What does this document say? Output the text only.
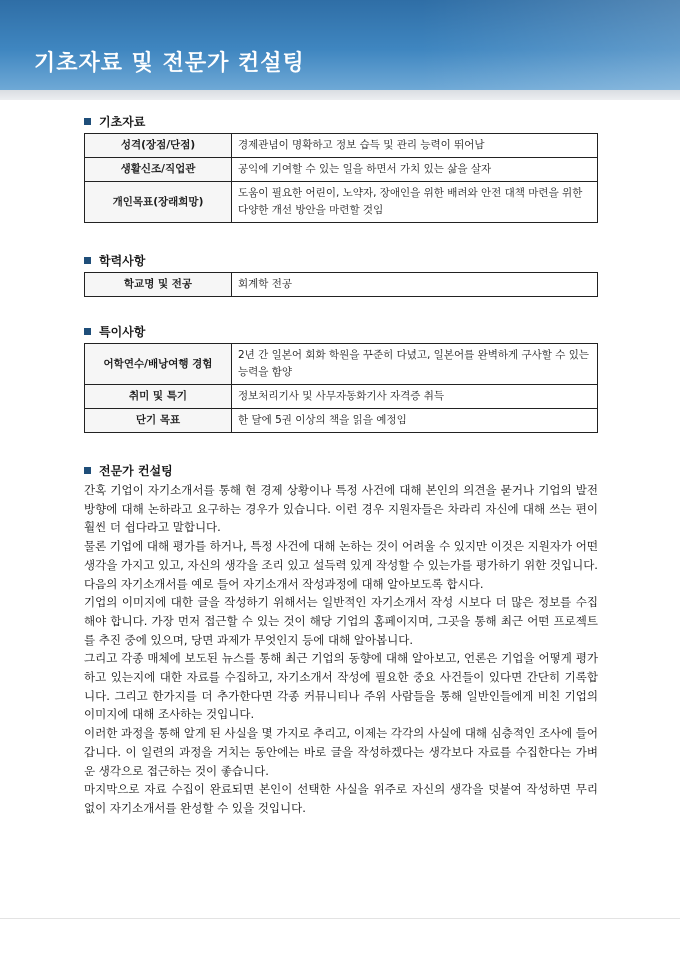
기초자료 및 전문가 컨설팅
기초자료
성격(장점/단점)	경제관념이 명확하고 정보 습득 및 관리 능력이 뛰어남
생활신조/직업관	공익에 기여할 수 있는 일을 하면서 가치 있는 삶을 살자
개인목표(장래희망)	도움이 필요한 어린이, 노약자, 장애인을 위한 배려와 안전 대책 마련을 위한 다양한 개선 방안을 마련할 것임
학력사항
학교명 및 전공	회계학 전공
특이사항
어학연수/배낭여행 경험	2년 간 일본어 회화 학원을 꾸준히 다녔고, 일본어를 완벽하게 구사할 수 있는 능력을 함양
취미 및 특기	정보처리기사 및 사무자동화기사 자격증 취득
단기 목표	한 달에 5권 이상의 책을 읽을 예정임
전문가 컨설팅

간혹 기업이 자기소개서를 통해 현 경제 상황이나 특정 사건에 대해 본인의 의견을 묻거나 기업의 발전 방향에 대해 논하라고 요구하는 경우가 있습니다. 이런 경우 지원자들은 차라리 자신에 대해 쓰는 편이 훨씬 더 쉽다라고 말합니다.

물론 기업에 대해 평가를 하거나, 특정 사건에 대해 논하는 것이 어려울 수 있지만 이것은 지원자가 어떤 생각을 가지고 있고, 자신의 생각을 조리 있고 설득력 있게 작성할 수 있는가를 평가하기 위한 것입니다.

다음의 자기소개서를 예로 들어 자기소개서 작성과정에 대해 알아보도록 합시다.

기업의 이미지에 대한 글을 작성하기 위해서는 일반적인 자기소개서 작성 시보다 더 많은 정보를 수집해야 합니다. 가장 먼저 접근할 수 있는 것이 해당 기업의 홈페이지며, 그곳을 통해 최근 어떤 프로젝트를 추진 중에 있으며, 당면 과제가 무엇인지 등에 대해 알아봅니다.

그리고 각종 매체에 보도된 뉴스를 통해 최근 기업의 동향에 대해 알아보고, 언론은 기업을 어떻게 평가하고 있는지에 대한 자료를 수집하고, 자기소개서 작성에 필요한 중요 사건들이 있다면 간단히 기록합니다. 그리고 한가지를 더 추가한다면 각종 커뮤니티나 주위 사람들을 통해 일반인들에게 비친 기업의 이미지에 대해 조사하는 것입니다.

이러한 과정을 통해 알게 된 사실을 몇 가지로 추리고, 이제는 각각의 사실에 대해 심층적인 조사에 들어갑니다. 이 일련의 과정을 거치는 동안에는 바로 글을 작성하겠다는 생각보다 자료를 수집한다는 가벼운 생각으로 접근하는 것이 좋습니다.

마지막으로 자료 수집이 완료되면 본인이 선택한 사실을 위주로 자신의 생각을 덧붙여 작성하면 무리 없이 자기소개서를 완성할 수 있을 것입니다.
